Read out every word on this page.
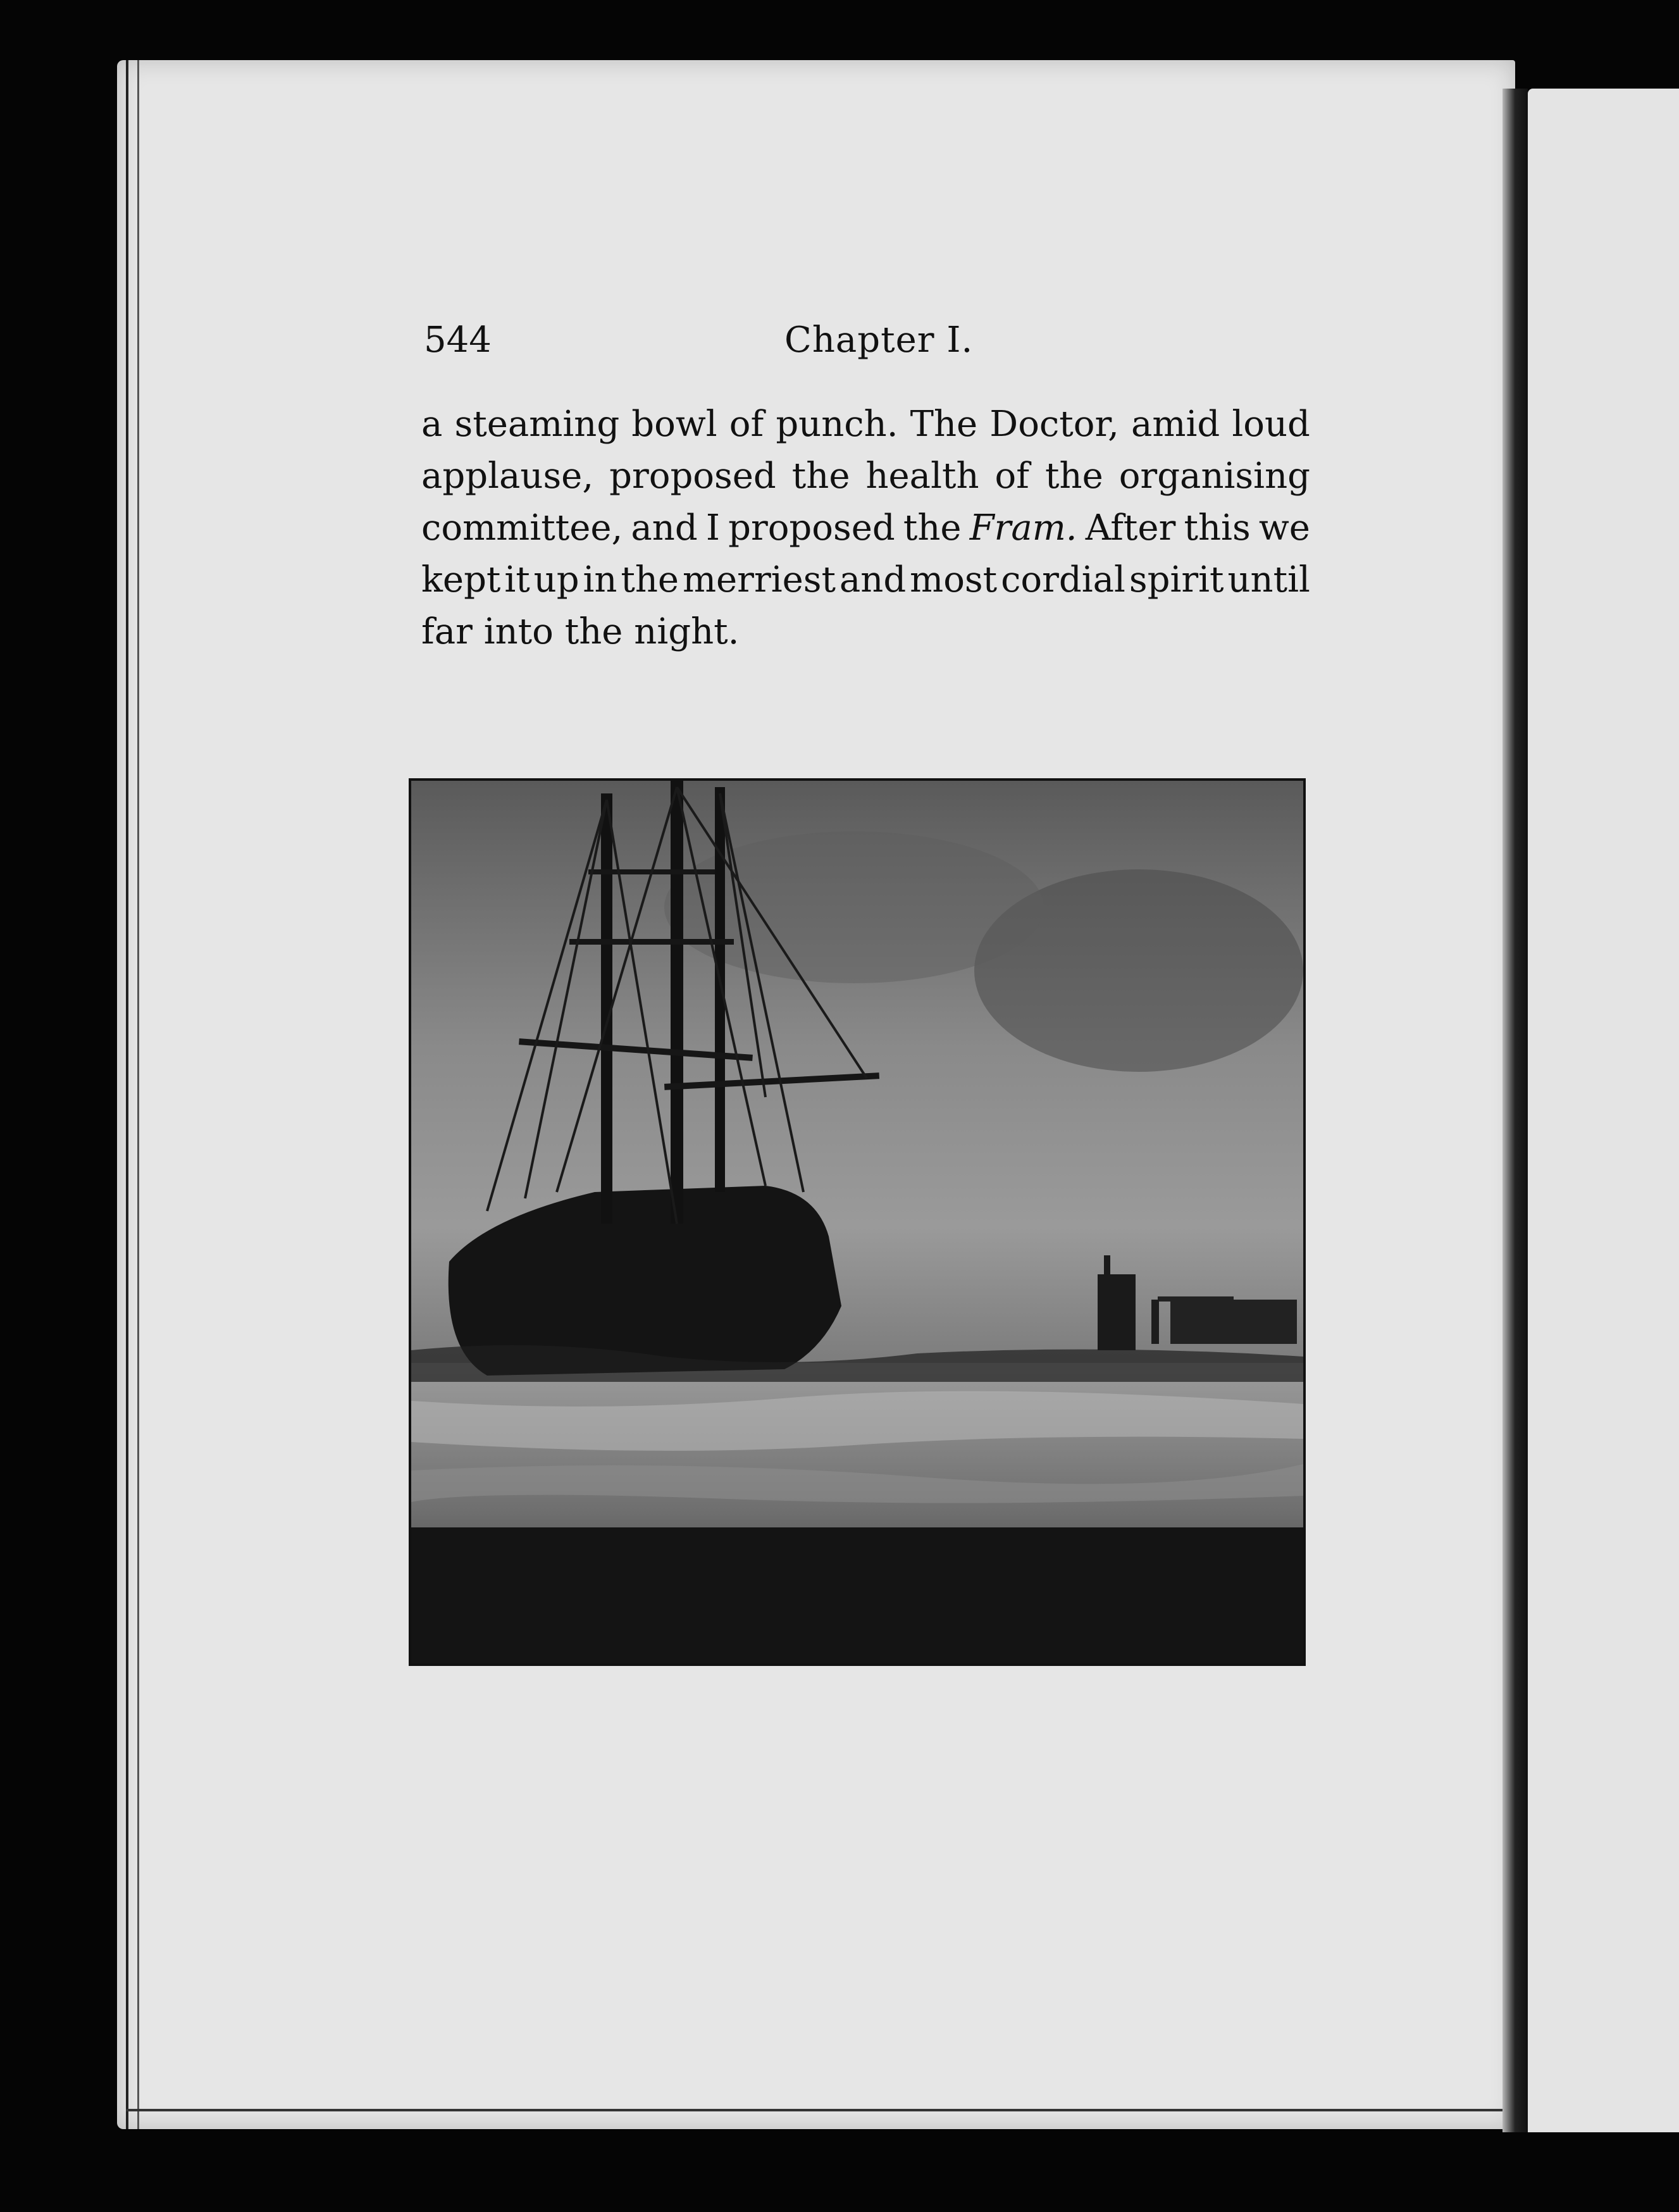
544	Chapter I.
a steaming bowl of punch. The Doctor, amid loud
applause, proposed the health of the organising
committee, and I proposed the Fram. After this we
kept it up in the merriest and most cordial spirit until
far
into
the
night.
